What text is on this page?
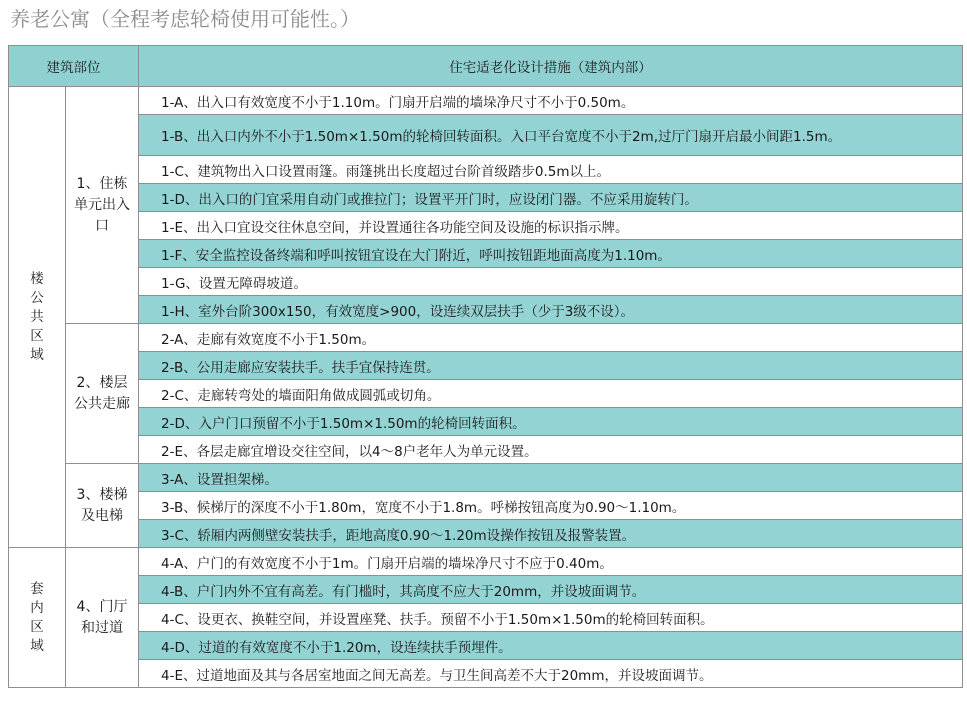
养老公寓（全程考虑轮椅使用可能性。）
建筑部位		住宅适老化设计措施（建筑内部）
楼公共区域	1、住栋单元出入口	1-A、出入口有效宽度不小于1.10m。门扇开启端的墙垛净尺寸不小于0.50m。
		1-B、出入口内外不小于1.50m×1.50m的轮椅回转面积。入口平台宽度不小于2m,过厅门扇开启最小间距1.5m。
		1-C、建筑物出入口设置雨篷。雨篷挑出长度超过台阶首级踏步0.5m以上。
		1-D、出入口的门宜采用自动门或推拉门；设置平开门时，应设闭门器。不应采用旋转门。
		1-E、出入口宜设交往休息空间，并设置通往各功能空间及设施的标识指示牌。
		1-F、安全监控设备终端和呼叫按钮宜设在大门附近，呼叫按钮距地面高度为1.10m。
		1-G、设置无障碍坡道。
		1-H、室外台阶300x150，有效宽度>900，设连续双层扶手（少于3级不设）。
	2、楼层公共走廊	2-A、走廊有效宽度不小于1.50m。
		2-B、公用走廊应安装扶手。扶手宜保持连贯。
		2-C、走廊转弯处的墙面阳角做成圆弧或切角。
		2-D、入户门口预留不小于1.50m×1.50m的轮椅回转面积。
		2-E、各层走廊宜增设交往空间，以4～8户老年人为单元设置。
	3、楼梯及电梯	3-A、设置担架梯。
		3-B、候梯厅的深度不小于1.80m，宽度不小于1.8m。呼梯按钮高度为0.90～1.10m。
		3-C、轿厢内两侧壁安装扶手，距地高度0.90～1.20m设操作按钮及报警装置。
套内区域	4、门厅和过道	4-A、户门的有效宽度不小于1m。门扇开启端的墙垛净尺寸不应于0.40m。
		4-B、户门内外不宜有高差。有门槛时，其高度不应大于20mm，并设坡面调节。
		4-C、设更衣、换鞋空间，并设置座凳、扶手。预留不小于1.50m×1.50m的轮椅回转面积。
		4-D、过道的有效宽度不小于1.20m，设连续扶手预埋件。
		4-E、过道地面及其与各居室地面之间无高差。与卫生间高差不大于20mm，并设坡面调节。
